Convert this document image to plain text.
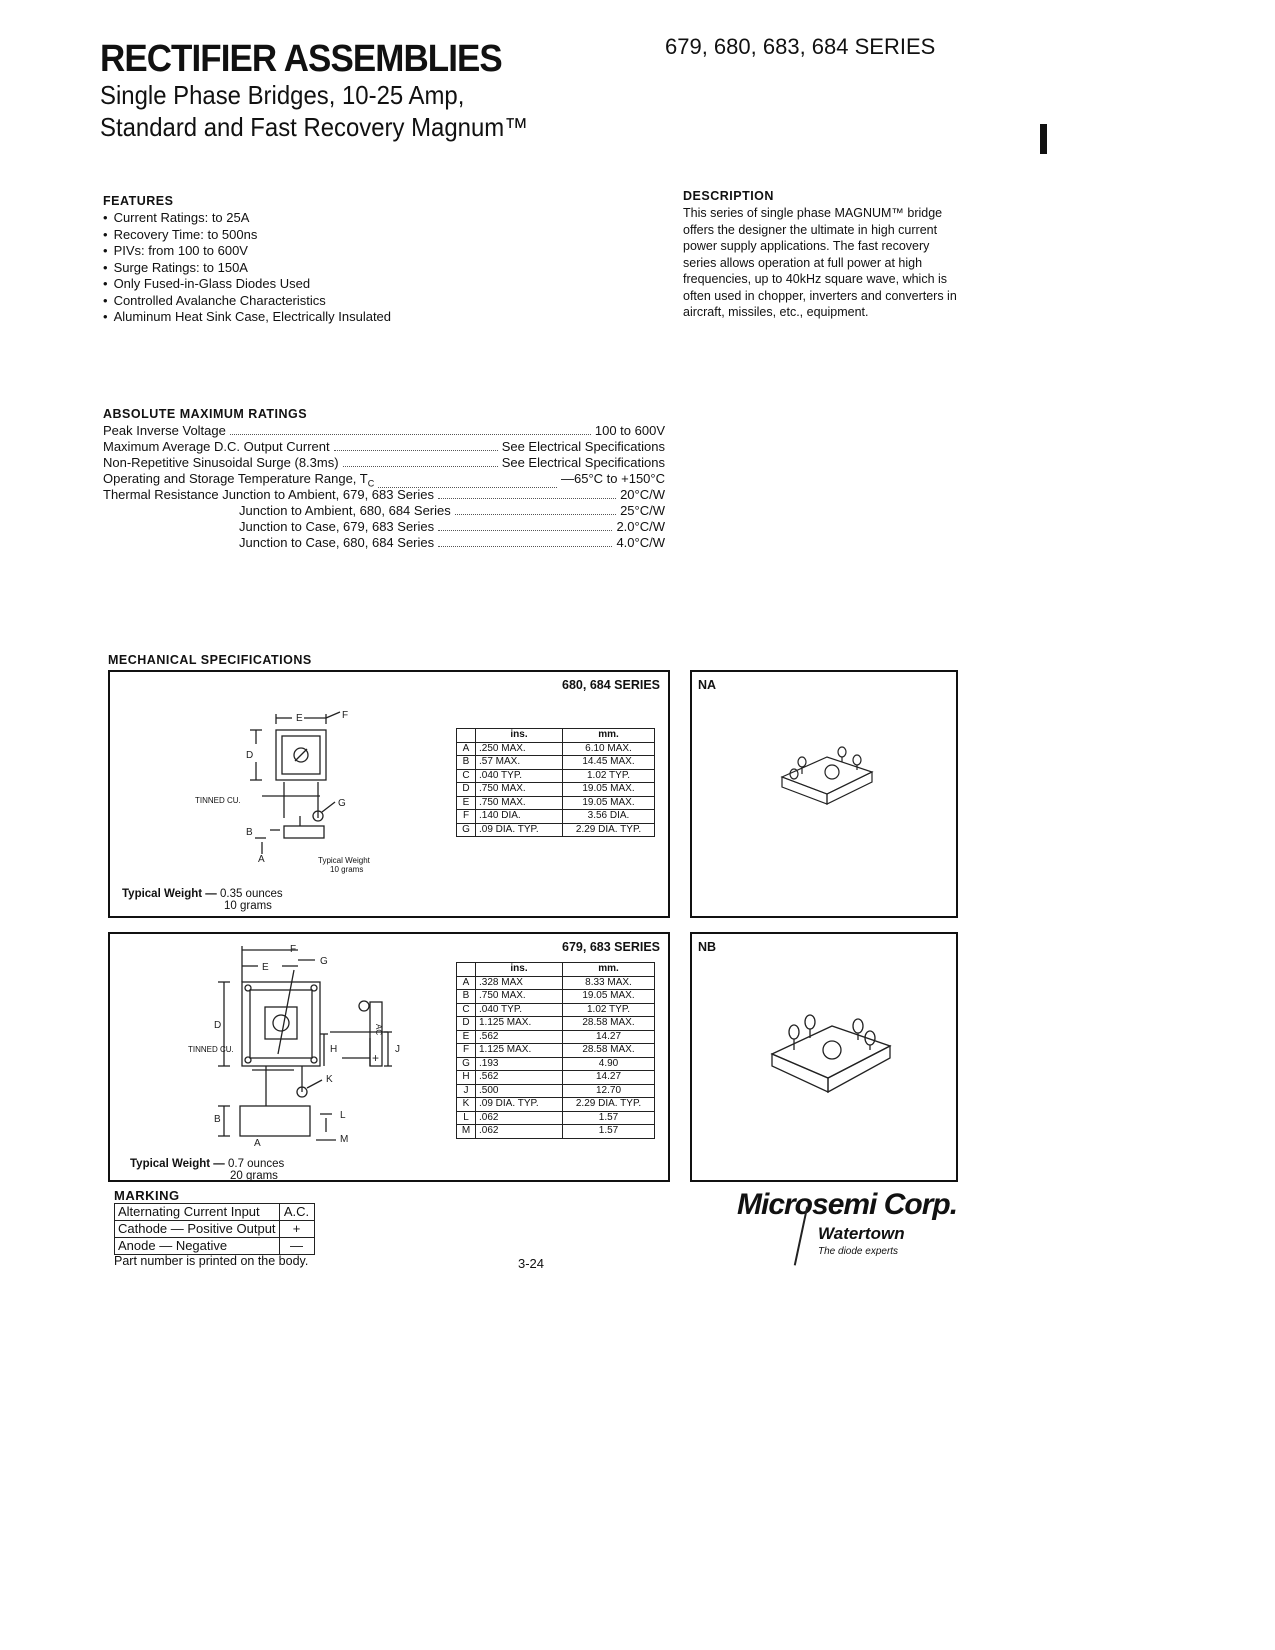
RECTIFIER ASSEMBLIES
Single Phase Bridges, 10-25 Amp,
Standard and Fast Recovery Magnum™
679, 680, 683, 684 SERIES
FEATURES
• Current Ratings: to 25A
• Recovery Time: to 500ns
• PIVs: from 100 to 600V
• Surge Ratings: to 150A
• Only Fused-in-Glass Diodes Used
• Controlled Avalanche Characteristics
• Aluminum Heat Sink Case, Electrically Insulated
DESCRIPTION
This series of single phase MAGNUM™ bridge offers the designer the ultimate in high current power supply applications. The fast recovery series allows operation at full power at high frequencies, up to 40kHz square wave, which is often used in chopper, inverters and converters in aircraft, missiles, etc., equipment.
ABSOLUTE MAXIMUM RATINGS
Peak Inverse Voltage	100 to 600V
Maximum Average D.C. Output Current	See Electrical Specifications
Non-Repetitive Sinusoidal Surge (8.3ms)	See Electrical Specifications
Operating and Storage Temperature Range, $T_C$	—65°C to +150°C
Thermal Resistance Junction to Ambient, 679, 683 Series	20°C/W
Junction to Ambient, 680, 684 Series	25°C/W
Junction to Case, 679, 683 Series	2.0°C/W
Junction to Case, 680, 684 Series	4.0°C/W
MECHANICAL SPECIFICATIONS
680, 684 SERIES
E	F
D
G
B
A
TINNED CU.
Typical Weight
10 grams
	ins.	mm.
A	.250 MAX.	6.10 MAX.
B	.57 MAX.	14.45 MAX.
C	.040 TYP.	1.02 TYP.
D	.750 MAX.	19.05 MAX.
E	.750 MAX.	19.05 MAX.
F	.140 DIA.	3.56 DIA.
G	.09 DIA. TYP.	2.29 DIA. TYP.
Typical Weight — 0.35 ounces
10 grams
NA
679, 683 SERIES
F
E
G
D
H	J
AC
K
B	L
M
A
+
TINNED CU.
	ins.	mm.
A	.328 MAX	8.33 MAX.
B	.750 MAX.	19.05 MAX.
C	.040 TYP.	1.02 TYP.
D	1.125 MAX.	28.58 MAX.
E	.562	14.27
F	1.125 MAX.	28.58 MAX.
G	.193	4.90
H	.562	14.27
J	.500	12.70
K	.09 DIA. TYP.	2.29 DIA. TYP.
L	.062	1.57
M	.062	1.57
Typical Weight — 0.7 ounces
20 grams
NB
MARKING
Alternating Current Input	A.C.
Cathode — Positive Output	+
Anode — Negative	—
Part number is printed on the body.	3-24
Microsemi Corp.
Watertown
The diode experts
